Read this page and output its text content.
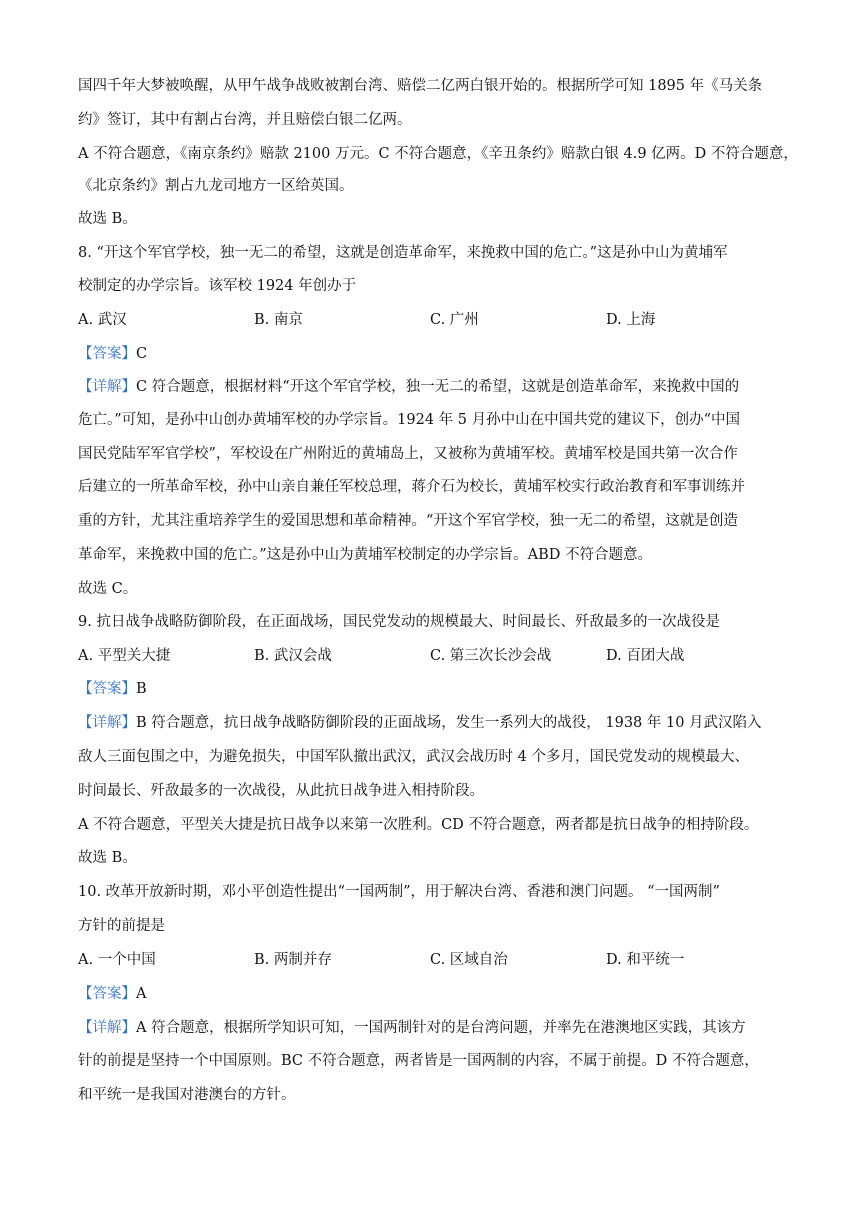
国四千年大梦被唤醒，从甲午战争战败被割台湾、赔偿二亿两白银开始的。根据所学可知 1895 年《马关条
约》签订，其中有割占台湾，并且赔偿白银二亿两。
A 不符合题意，《南京条约》赔款 2100 万元。C 不符合题意，《辛丑条约》赔款白银 4.9 亿两。D 不符合题意，
《北京条约》割占九龙司地方一区给英国。
故选 B。
8. “开这个军官学校，独一无二的希望，这就是创造革命军，来挽救中国的危亡。”这是孙中山为黄埔军
校制定的办学宗旨。该军校 1924 年创办于
A. 武汉	B. 南京	C. 广州	D. 上海
【答案】C
【详解】C 符合题意，根据材料“开这个军官学校，独一无二的希望，这就是创造革命军，来挽救中国的
危亡。”可知，是孙中山创办黄埔军校的办学宗旨。1924 年 5 月孙中山在中国共党的建议下，创办“中国
国民党陆军军官学校”，军校设在广州附近的黄埔岛上，又被称为黄埔军校。黄埔军校是国共第一次合作
后建立的一所革命军校，孙中山亲自兼任军校总理，蒋介石为校长，黄埔军校实行政治教育和军事训练并
重的方针，尤其注重培养学生的爱国思想和革命精神。“开这个军官学校，独一无二的希望，这就是创造
革命军，来挽救中国的危亡。”这是孙中山为黄埔军校制定的办学宗旨。ABD 不符合题意。
故选 C。
9. 抗日战争战略防御阶段，在正面战场，国民党发动的规模最大、时间最长、歼敌最多的一次战役是
A. 平型关大捷	B. 武汉会战	C. 第三次长沙会战	D. 百团大战
【答案】B
【详解】B 符合题意，抗日战争战略防御阶段的正面战场，发生一系列大的战役， 1938 年 10 月武汉陷入
敌人三面包围之中，为避免损失，中国军队撤出武汉，武汉会战历时 4 个多月，国民党发动的规模最大、
时间最长、歼敌最多的一次战役，从此抗日战争进入相持阶段。
A 不符合题意，平型关大捷是抗日战争以来第一次胜利。CD 不符合题意，两者都是抗日战争的相持阶段。
故选 B。
10. 改革开放新时期，邓小平创造性提出“一国两制”，用于解决台湾、香港和澳门问题。 “一国两制”
方针的前提是
A. 一个中国	B. 两制并存	C. 区域自治	D. 和平统一
【答案】A
【详解】A 符合题意，根据所学知识可知，一国两制针对的是台湾问题，并率先在港澳地区实践，其该方
针的前提是坚持一个中国原则。BC 不符合题意，两者皆是一国两制的内容，不属于前提。D 不符合题意，
和平统一是我国对港澳台的方针。
